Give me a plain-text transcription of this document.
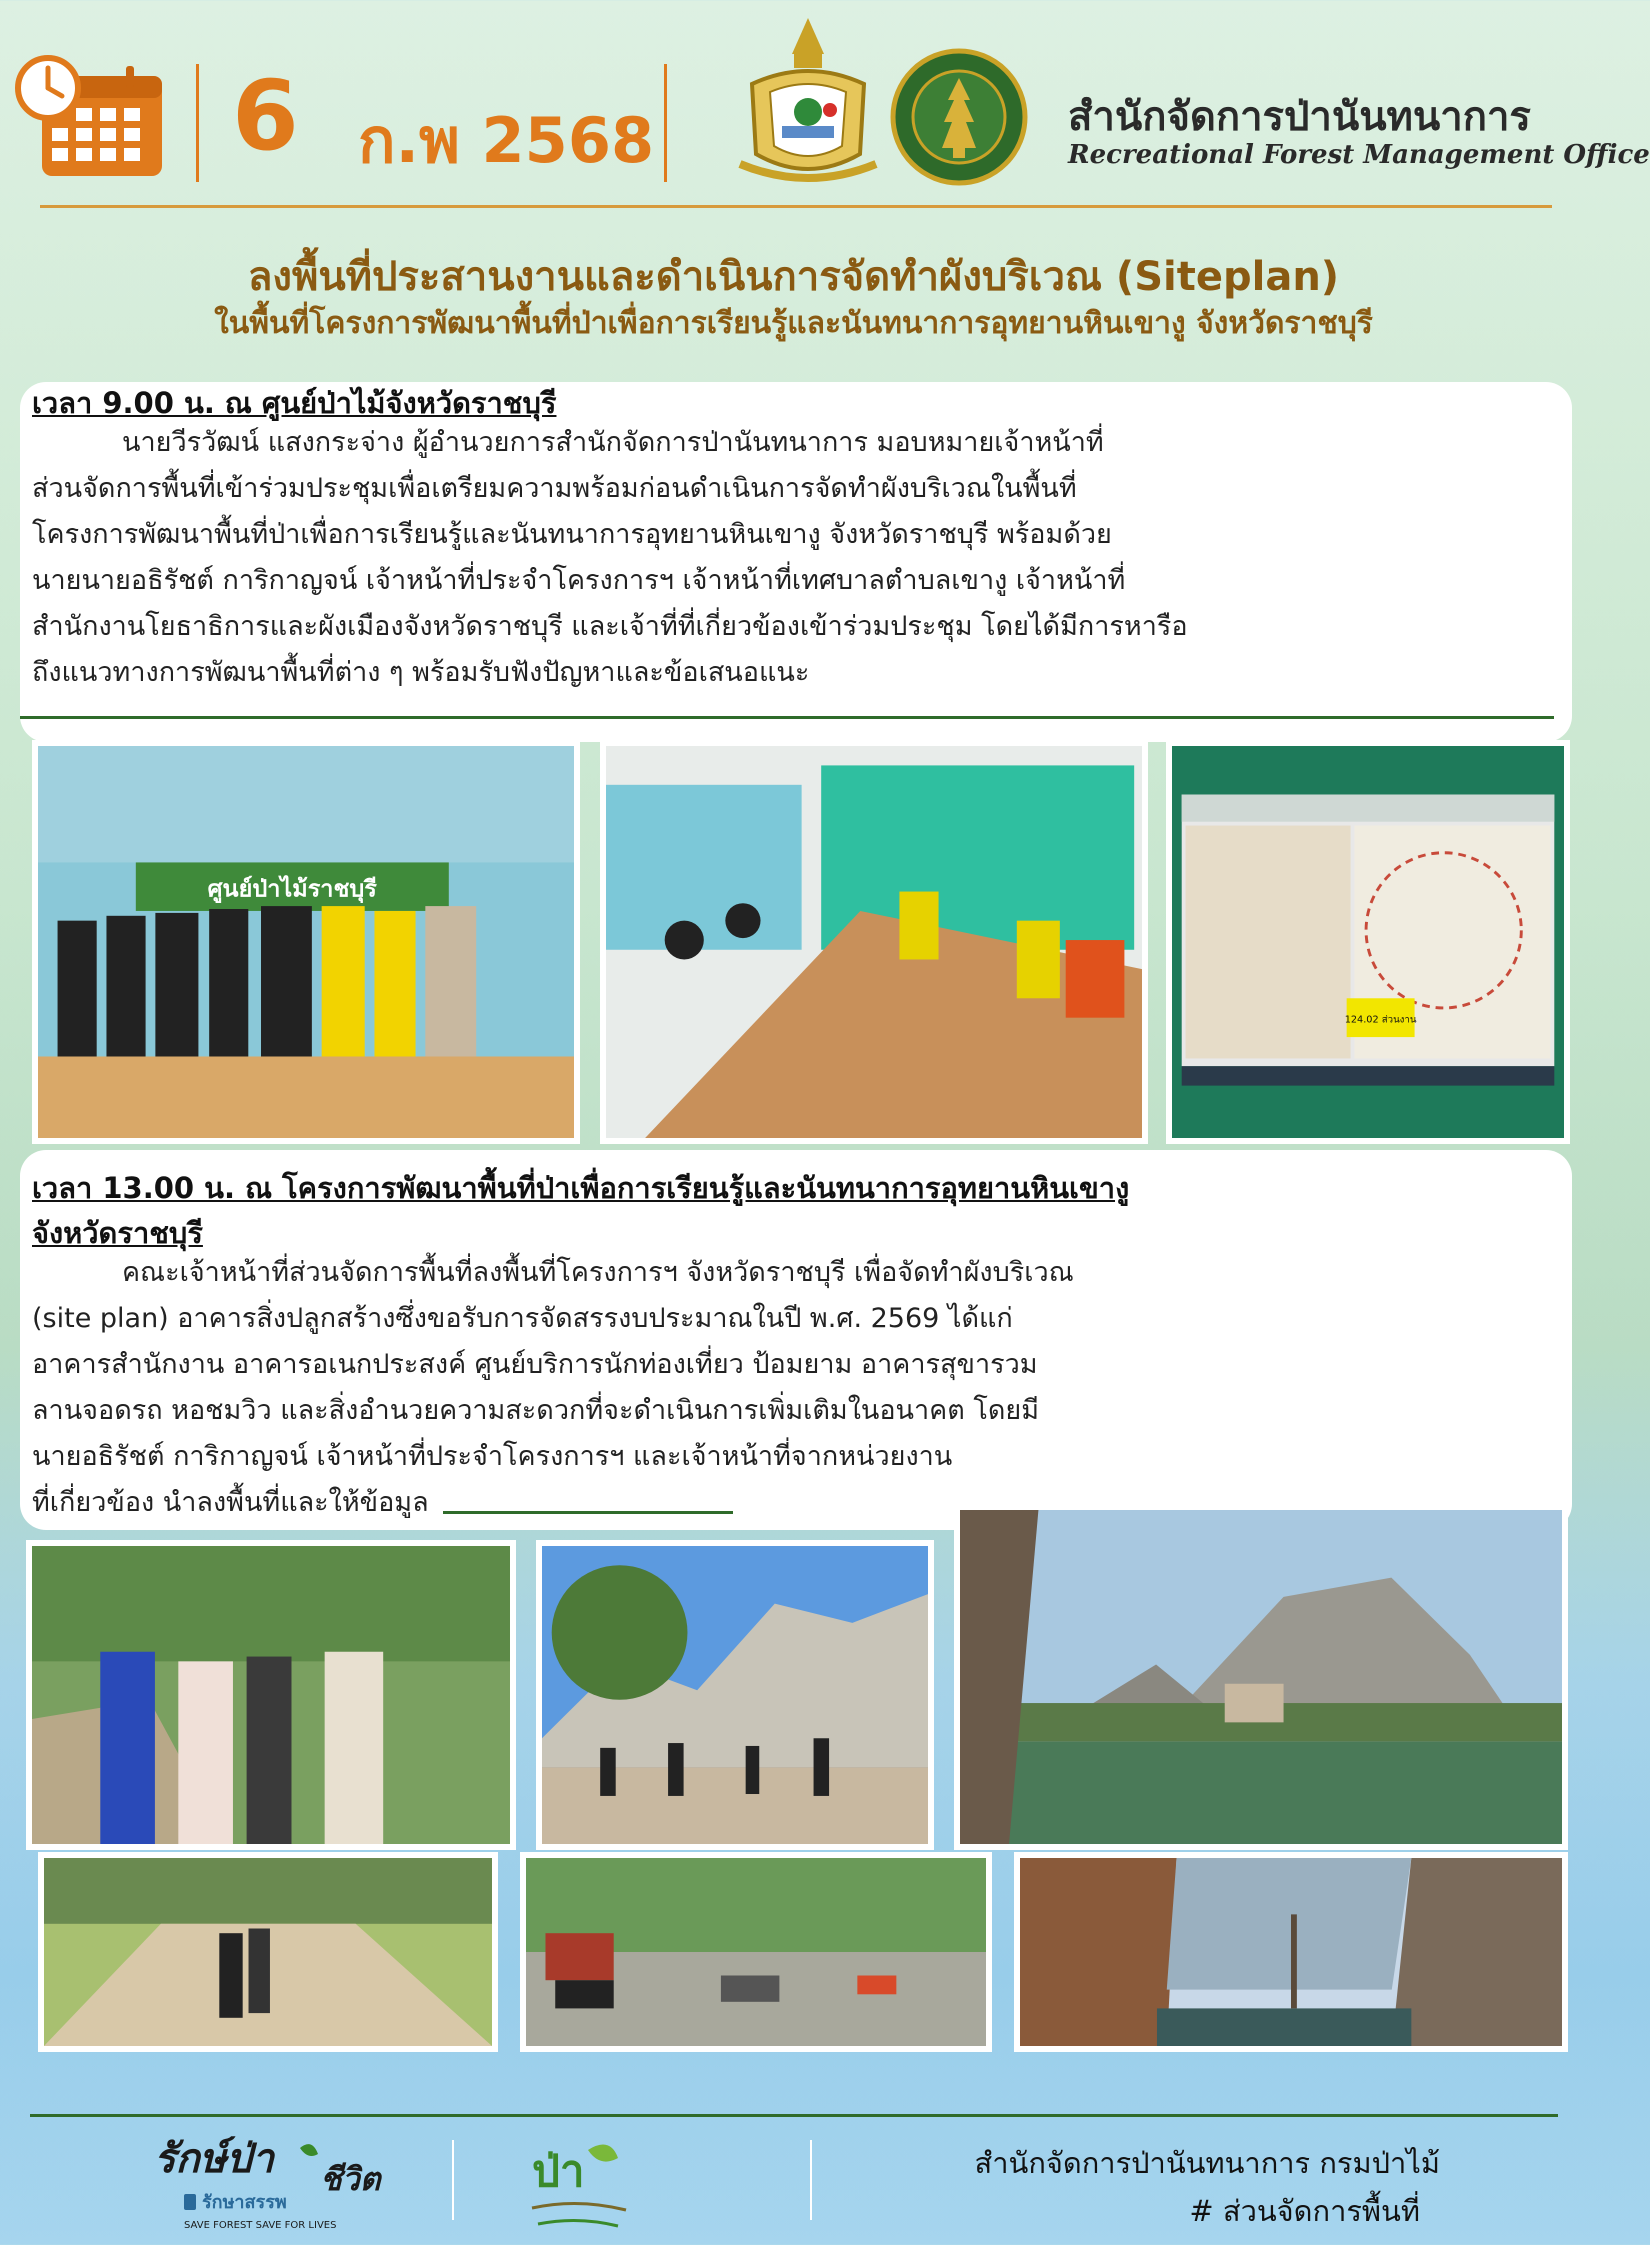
6 ก.พ 2568	สำนักจัดการป่านันทนาการ
Recreational Forest Management Office
ลงพื้นที่ประสานงานและดำเนินการจัดทำผังบริเวณ (Siteplan)
ในพื้นที่โครงการพัฒนาพื้นที่ป่าเพื่อการเรียนรู้และนันทนาการอุทยานหินเขางู จังหวัดราชบุรี
เวลา 9.00 น. ณ ศูนย์ป่าไม้จังหวัดราชบุรี
นายวีรวัฒน์ แสงกระจ่าง ผู้อำนวยการสำนักจัดการป่านันทนาการ มอบหมายเจ้าหน้าที่
ส่วนจัดการพื้นที่เข้าร่วมประชุมเพื่อเตรียมความพร้อมก่อนดำเนินการจัดทำผังบริเวณในพื้นที่
โครงการพัฒนาพื้นที่ป่าเพื่อการเรียนรู้และนันทนาการอุทยานหินเขางู จังหวัดราชบุรี พร้อมด้วย
นายนายอธิรัชต์ การิกาญจน์ เจ้าหน้าที่ประจำโครงการฯ เจ้าหน้าที่เทศบาลตำบลเขางู เจ้าหน้าที่
สำนักงานโยธาธิการและผังเมืองจังหวัดราชบุรี และเจ้าที่ที่เกี่ยวข้องเข้าร่วมประชุม โดยได้มีการหารือ
ถึงแนวทางการพัฒนาพื้นที่ต่าง ๆ พร้อมรับฟังปัญหาและข้อเสนอแนะ
ศูนย์ป่าไม้ราชบุรี
124.02 ส่วนงาน
เวลา 13.00 น. ณ โครงการพัฒนาพื้นที่ป่าเพื่อการเรียนรู้และนันทนาการอุทยานหินเขางู
จังหวัดราชบุรี
คณะเจ้าหน้าที่ส่วนจัดการพื้นที่ลงพื้นที่โครงการฯ จังหวัดราชบุรี เพื่อจัดทำผังบริเวณ
(site plan) อาคารสิ่งปลูกสร้างซึ่งขอรับการจัดสรรงบประมาณในปี พ.ศ. 2569 ได้แก่
อาคารสำนักงาน อาคารอเนกประสงค์ ศูนย์บริการนักท่องเที่ยว ป้อมยาม อาคารสุขารวม
ลานจอดรถ หอชมวิว และสิ่งอำนวยความสะดวกที่จะดำเนินการเพิ่มเติมในอนาคต โดยมี
นายอธิรัชต์ การิกาญจน์ เจ้าหน้าที่ประจำโครงการฯ และเจ้าหน้าที่จากหน่วยงาน
ที่เกี่ยวข้อง นำลงพื้นที่และให้ข้อมูล
รักษ์ป่า ชีวิต
รักษาสรรพ
SAVE FOREST SAVE FOR LIVES
ป่า	สำนักจัดการป่านันทนาการ กรมป่าไม้
# ส่วนจัดการพื้นที่
